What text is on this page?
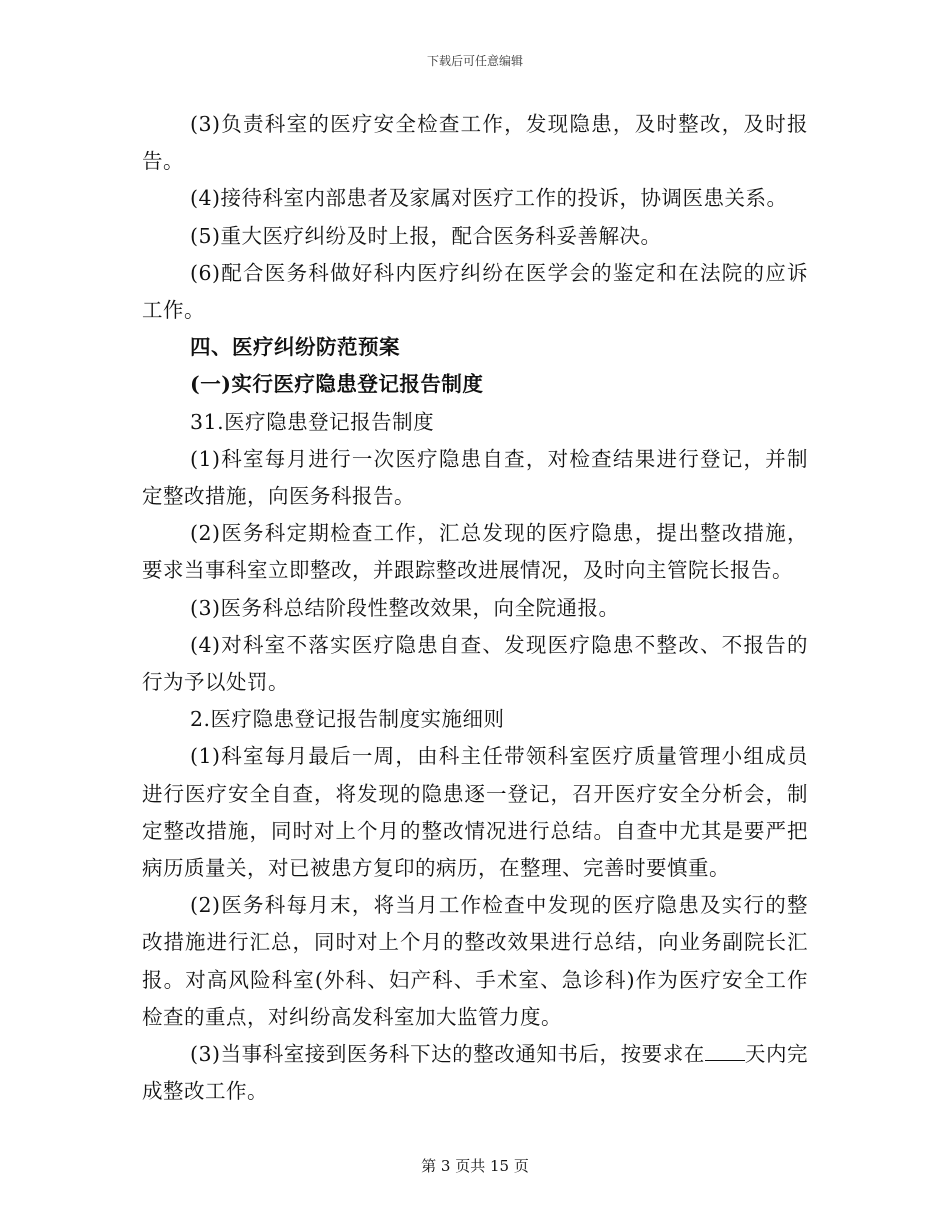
下载后可任意编辑

(3)负责科室的医疗安全检查工作，发现隐患，及时整改，及时报告。

(4)接待科室内部患者及家属对医疗工作的投诉，协调医患关系。

(5)重大医疗纠纷及时上报，配合医务科妥善解决。

(6)配合医务科做好科内医疗纠纷在医学会的鉴定和在法院的应诉工作。

四、医疗纠纷防范预案

(一)实行医疗隐患登记报告制度

31.医疗隐患登记报告制度

(1)科室每月进行一次医疗隐患自查，对检查结果进行登记，并制定整改措施，向医务科报告。

(2)医务科定期检查工作，汇总发现的医疗隐患，提出整改措施，要求当事科室立即整改，并跟踪整改进展情况，及时向主管院长报告。

(3)医务科总结阶段性整改效果，向全院通报。

(4)对科室不落实医疗隐患自查、发现医疗隐患不整改、不报告的行为予以处罚。

2.医疗隐患登记报告制度实施细则

(1)科室每月最后一周，由科主任带领科室医疗质量管理小组成员进行医疗安全自查，将发现的隐患逐一登记，召开医疗安全分析会，制定整改措施，同时对上个月的整改情况进行总结。自查中尤其是要严把病历质量关，对已被患方复印的病历，在整理、完善时要慎重。

(2)医务科每月末，将当月工作检查中发现的医疗隐患及实行的整改措施进行汇总，同时对上个月的整改效果进行总结，向业务副院长汇报。对高风险科室(外科、妇产科、手术室、急诊科)作为医疗安全工作检查的重点，对纠纷高发科室加大监管力度。

(3)当事科室接到医务科下达的整改通知书后，按要求在 天内完成整改工作。

第 3 页共 15 页
